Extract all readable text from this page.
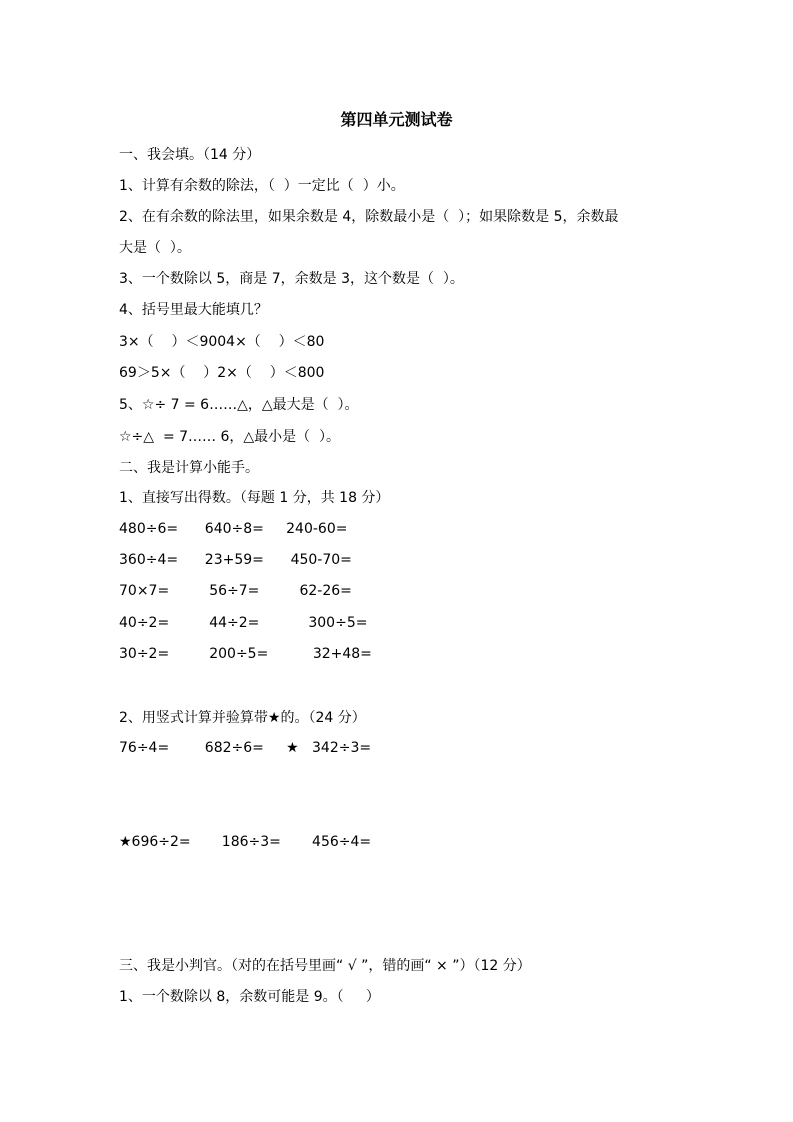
第四单元测试卷
一、我会填。（14 分）
1、计算有余数的除法，（  ）一定比（  ）小。
2、在有余数的除法里，如果余数是 4，除数最小是（  ）；如果除数是 5，余数最
大是（  ）。
3、一个数除以 5，商是 7，余数是 3，这个数是（  ）。
4、括号里最大能填几？
3×（    ）＜9004×（    ）＜80
69＞5×（    ）2×（    ）＜800
5、☆÷ 7 = 6……△，△最大是（  ）。
☆÷△  = 7…… 6，△最小是（  ）。
二、我是计算小能手。
1、直接写出得数。（每题 1 分，共 18 分）
480÷6=      640÷8=     240-60=
360÷4=      23+59=      450-70=
70×7=         56÷7=         62-26=
40÷2=         44÷2=           300÷5=
30÷2=         200÷5=          32+48=
2、用竖式计算并验算带★的。（24 分）
76÷4=        682÷6=     ★   342÷3=
★696÷2=       186÷3=       456÷4=
三、我是小判官。（对的在括号里画“ √ ”，错的画“ × ”）（12 分）
1、一个数除以 8，余数可能是 9。（     ）
